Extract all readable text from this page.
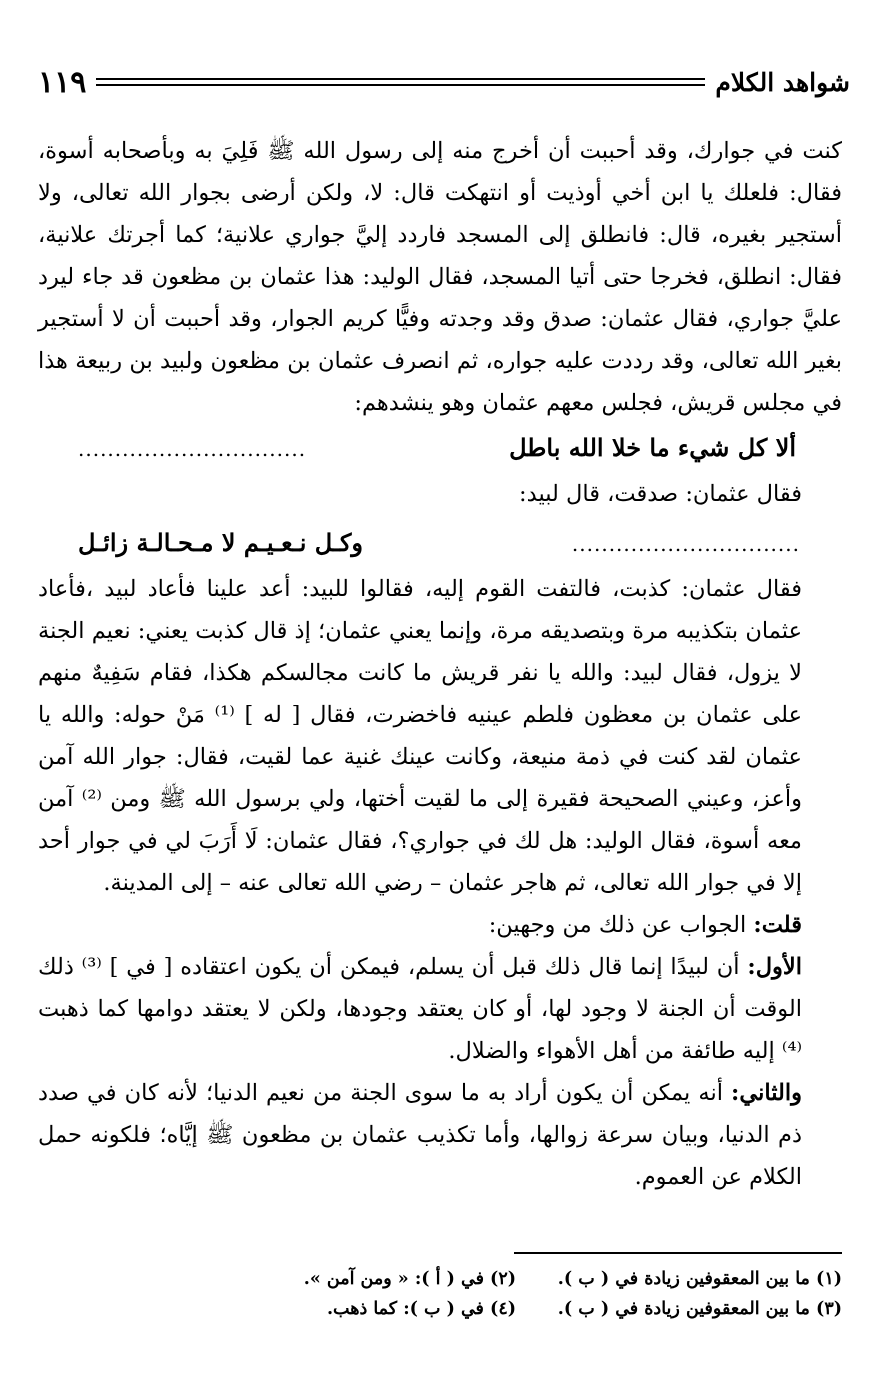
شواهد الكلام
١١٩

كنت في جوارك، وقد أحببت أن أخرج منه إلى رسول الله ﷺ فَلِيَ به وبأصحابه أسوة، فقال: فلعلك يا ابن أخي أوذيت أو انتهكت قال: لا، ولكن أرضى بجوار الله تعالى، ولا أستجير بغيره، قال: فانطلق إلى المسجد فاردد إليَّ جواري علانية؛ كما أجرتك علانية، فقال: انطلق، فخرجا حتى أتيا المسجد، فقال الوليد: هذا عثمان بن مظعون قد جاء ليرد عليَّ جواري، فقال عثمان: صدق وقد وجدته وفيًّا كريم الجوار، وقد أحببت أن لا أستجير بغير الله تعالى، وقد رددت عليه جواره، ثم انصرف عثمان بن مظعون ولبيد بن ربيعة هذا في مجلس قريش، فجلس معهم عثمان وهو ينشدهم:

ألا كل شيء ما خلا الله باطل
...............................

فقال عثمان: صدقت، قال لبيد:

...............................
وكـل نـعـيـم لا مـحـالـة زائـل

فقال عثمان: كذبت، فالتفت القوم إليه، فقالوا للبيد: أعد علينا فأعاد لبيد ،فأعاد عثمان بتكذيبه مرة وبتصديقه مرة، وإنما يعني عثمان؛ إذ قال كذبت يعني: نعيم الجنة لا يزول، فقال لبيد: والله يا نفر قريش ما كانت مجالسكم هكذا، فقام سَفِيهٌ منهم على عثمان بن معظون فلطم عينيه فاخضرت، فقال [ له ] ⁽¹⁾ مَنْ حوله: والله يا عثمان لقد كنت في ذمة منيعة، وكانت عينك غنية عما لقيت، فقال: جوار الله آمن وأعز، وعيني الصحيحة فقيرة إلى ما لقيت أختها، ولي برسول الله ﷺ ومن ⁽²⁾ آمن معه أسوة، فقال الوليد: هل لك في جواري؟، فقال عثمان: لَا أَرَبَ لي في جوار أحد إلا في جوار الله تعالى، ثم هاجر عثمان – رضي الله تعالى عنه – إلى المدينة.

قلت: الجواب عن ذلك من وجهين:

الأول: أن لبيدًا إنما قال ذلك قبل أن يسلم، فيمكن أن يكون اعتقاده [ في ] ⁽³⁾ ذلك الوقت أن الجنة لا وجود لها، أو كان يعتقد وجودها، ولكن لا يعتقد دوامها كما ذهبت ⁽⁴⁾ إليه طائفة من أهل الأهواء والضلال.

والثاني: أنه يمكن أن يكون أراد به ما سوى الجنة من نعيم الدنيا؛ لأنه كان في صدد ذم الدنيا، وبيان سرعة زوالها، وأما تكذيب عثمان بن مظعون ﷺ إيَّاه؛ فلكونه حمل الكلام عن العموم.

(١) ما بين المعقوفين زيادة في ( ب ).
(٢) في ( أ ): « ومن آمن ».
(٣) ما بين المعقوفين زيادة في ( ب ).
(٤) في ( ب ): كما ذهب.
